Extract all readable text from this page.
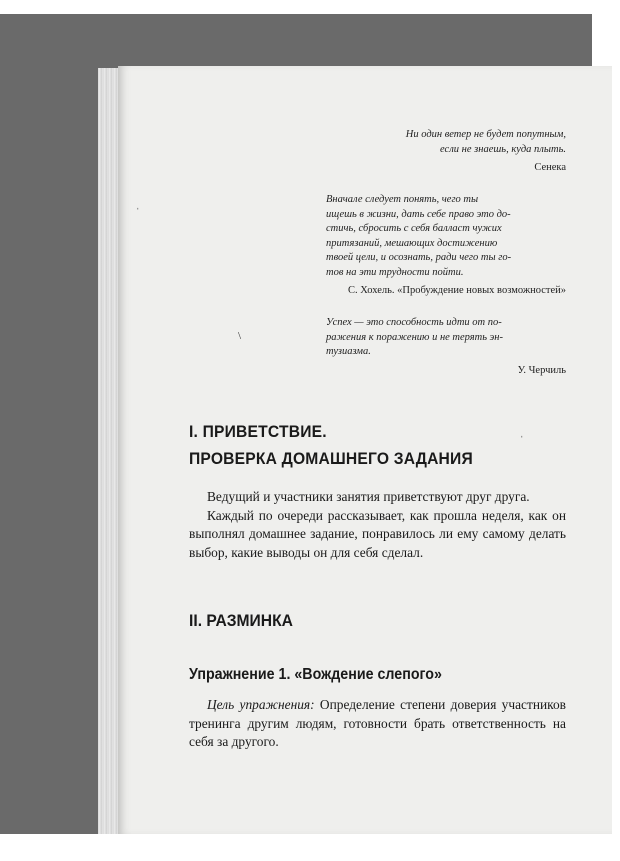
ˈ
\
ˌ
Ни один ветер не будет попутным,
если не знаешь, куда плыть.
Сенека
Вначале следует понять, чего ты
ищешь в жизни, дать себе право это до-
стичь, сбросить с себя балласт чужих
притязаний, мешающих достижению
твоей цели, и осознать, ради чего ты го-
тов на эти трудности пойти.
С. Хохель. «Пробуждение новых возможностей»
Успех — это способность идти от по-
ражения к поражению и не терять эн-
тузиазма.
У. Черчиль
I. ПРИВЕТСТВИЕ.
ПРОВЕРКА ДОМАШНЕГО ЗАДАНИЯ

Ведущий и участники занятия приветствуют друг друга.

Каждый по очереди рассказывает, как прошла неделя, как он выполнял домашнее задание, понравилось ли ему самому делать выбор, какие выводы он для себя сделал.

II. РАЗМИНКА
Упражнение 1. «Вождение слепого»

Цель упражнения: Определение степени доверия участников тренинга другим людям, готовности брать ответственность на себя за другого.
